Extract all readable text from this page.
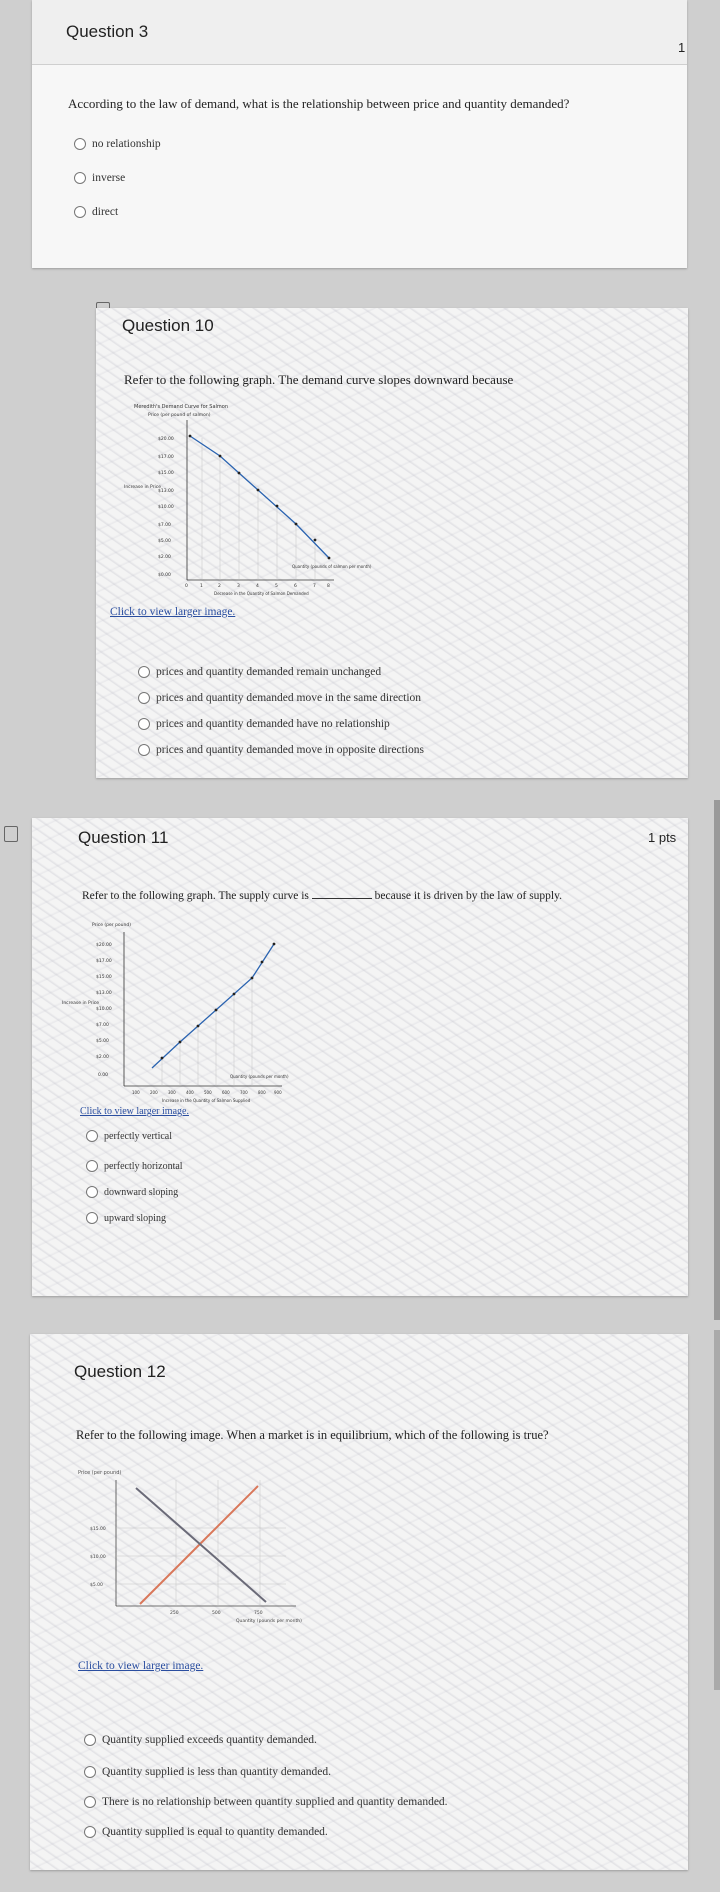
Question 3
1
According to the law of demand, what is the relationship between price and quantity demanded?
no relationship
inverse
direct
Question 10
Refer to the following graph. The demand curve slopes downward because
Meredith's Demand Curve for Salmon
Price (per pound of salmon)
Increase in Price
$20.00
$17.00
$15.00
$13.00
$10.00
$7.00
$5.00
$2.00
$0.00
0	1	2	3	4	5	6	7 8
Decrease in the Quantity of Salmon Demanded
Quantity (pounds of salmon per month)
Click to view larger image.
prices and quantity demanded remain unchanged
prices and quantity demanded move in the same direction
prices and quantity demanded have no relationship
prices and quantity demanded move in opposite directions
Question 11	1 pts
Refer to the following graph. The supply curve is	because it is driven by the law of supply.
Price (per pound)
Increase in Price
$20.00
$17.00
$15.00
$13.00
$10.00
$7.00
$5.00
$2.00
0.00
100	200	300	400	500	600	700	800 900
Increase in the Quantity of Salmon Supplied
Quantity (pounds per month)
Click to view larger image.
perfectly vertical
perfectly horizontal
downward sloping
upward sloping
Question 12
Refer to the following image. When a market is in equilibrium, which of the following is true?
Price (per pound)
$15.00
$10.00
$5.00
250	500	750
Quantity (pounds per month)
Click to view larger image.
Quantity supplied exceeds quantity demanded.
Quantity supplied is less than quantity demanded.
There is no relationship between quantity supplied and quantity demanded.
Quantity supplied is equal to quantity demanded.
